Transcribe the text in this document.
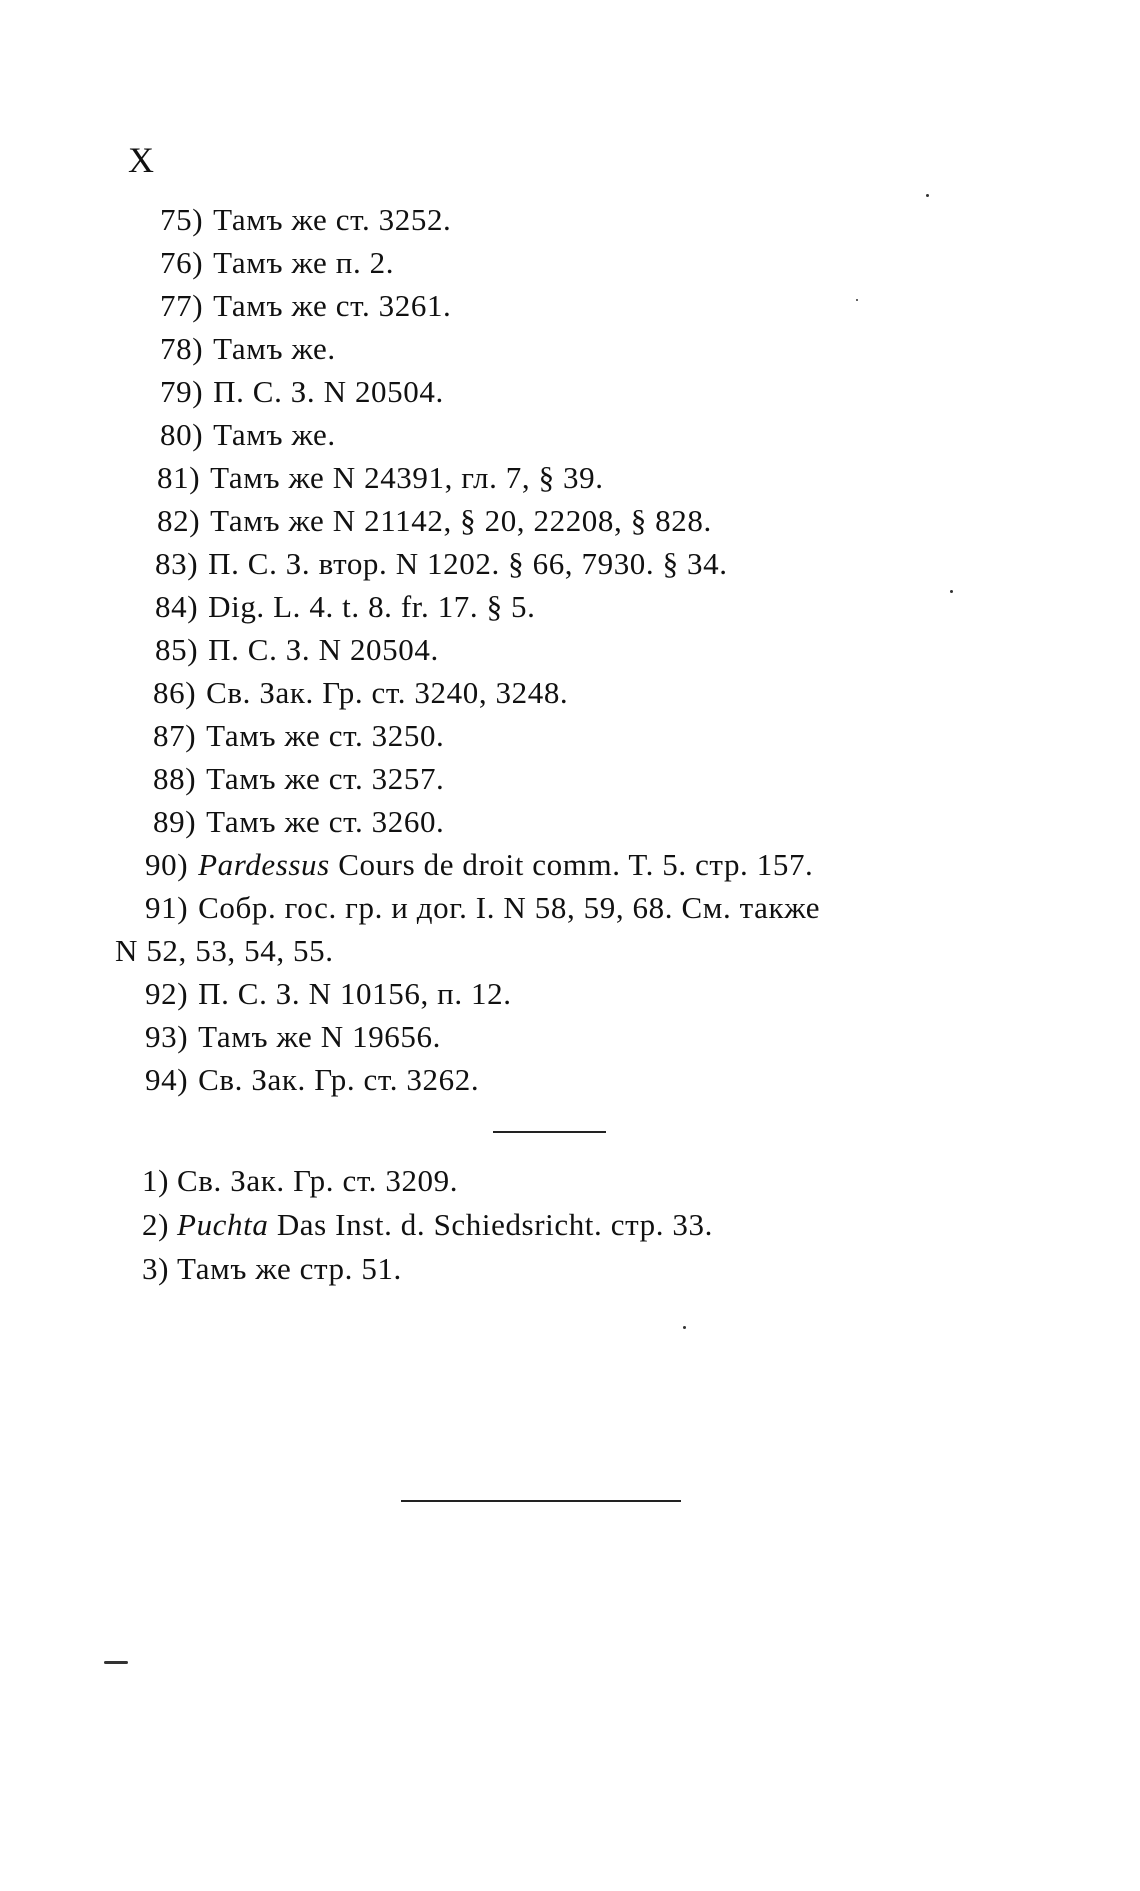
X
75) Тамъ же ст. 3252.
76) Тамъ же п. 2.
77) Тамъ же ст. 3261.
78) Тамъ же.
79) П. С. З. N 20504.
80) Тамъ же.
81) Тамъ же N 24391, гл. 7, § 39.
82) Тамъ же N 21142, § 20, 22208, § 828.
83) П. С. З. втор. N 1202. § 66, 7930. § 34.
84) Dig. L. 4. t. 8. fr. 17. § 5.
85) П. С. З. N 20504.
86) Св. Зак. Гр. ст. 3240, 3248.
87) Тамъ же ст. 3250.
88) Тамъ же ст. 3257.
89) Тамъ же ст. 3260.
90) Pardessus Cours de droit comm. T. 5. стр. 157.
91) Собр. гос. гр. и дог. I. N 58, 59, 68. См. также
N 52, 53, 54, 55.
92) П. С. З. N 10156, п. 12.
93) Тамъ же N 19656.
94) Св. Зак. Гр. ст. 3262.
1) Св. Зак. Гр. ст. 3209.
2) Puchta Das Inst. d. Schiedsricht. стр. 33.
3) Тамъ же стр. 51.
